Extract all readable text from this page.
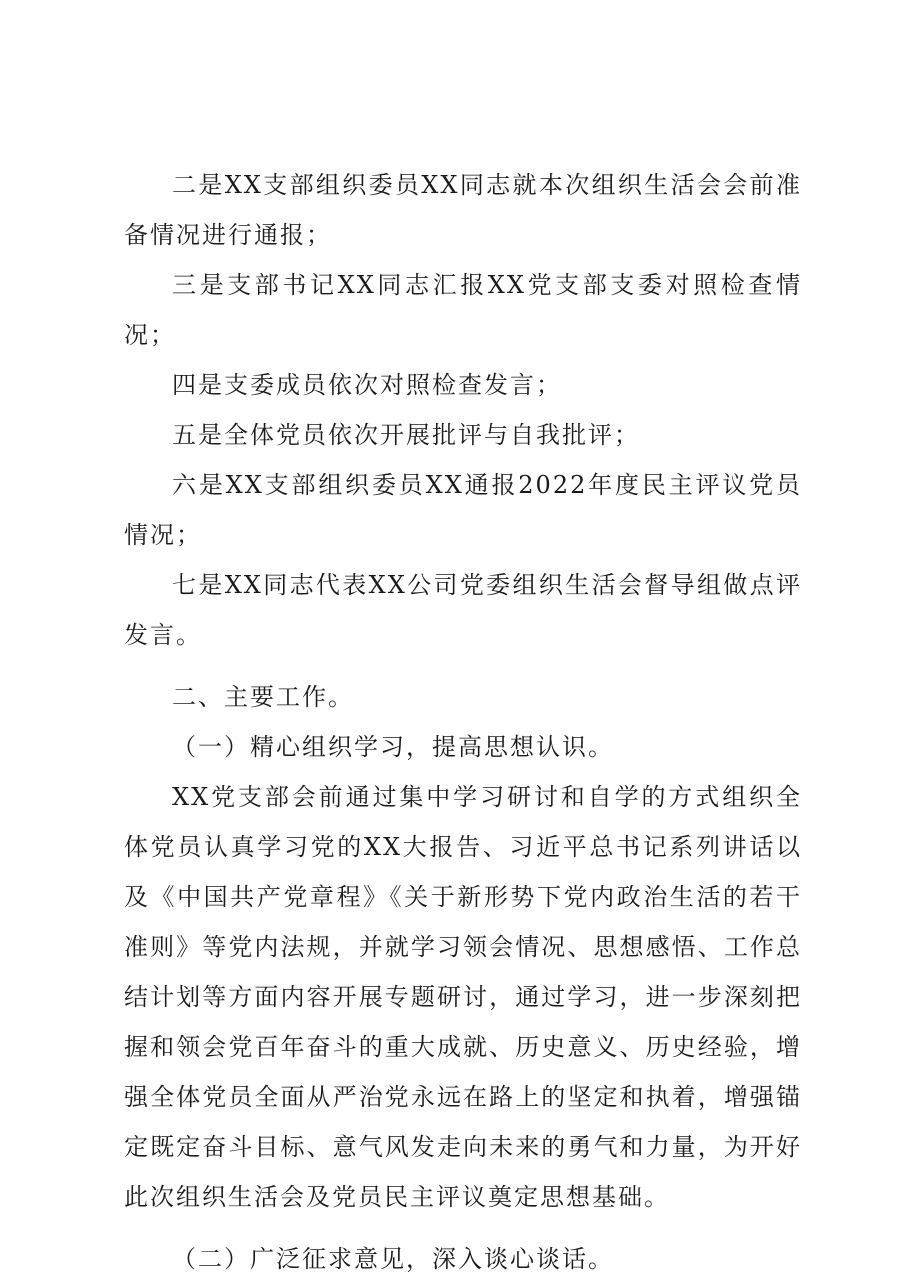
二是XX支部组织委员XX同志就本次组织生活会会前准备情况进行通报；

三是支部书记XX同志汇报XX党支部支委对照检查情况；

四是支委成员依次对照检查发言；

五是全体党员依次开展批评与自我批评；

六是XX支部组织委员XX通报2022年度民主评议党员情况；

七是XX同志代表XX公司党委组织生活会督导组做点评发言。

二、主要工作。

（一）精心组织学习，提高思想认识。

XX党支部会前通过集中学习研讨和自学的方式组织全体党员认真学习党的XX大报告、习近平总书记系列讲话以及《中国共产党章程》《关于新形势下党内政治生活的若干准则》等党内法规，并就学习领会情况、思想感悟、工作总结计划等方面内容开展专题研讨，通过学习，进一步深刻把握和领会党百年奋斗的重大成就、历史意义、历史经验，增强全体党员全面从严治党永远在路上的坚定和执着，增强锚定既定奋斗目标、意气风发走向未来的勇气和力量，为开好此次组织生活会及党员民主评议奠定思想基础。

（二）广泛征求意见，深入谈心谈话。
